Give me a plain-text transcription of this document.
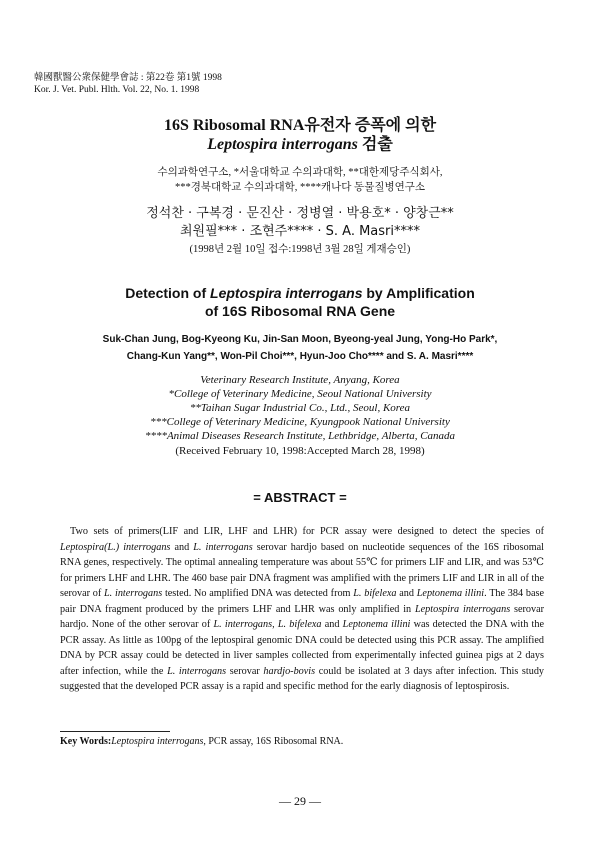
韓國獸醫公衆保健學會誌 : 第22卷 第1號 1998
Kor. J. Vet. Publ. Hlth. Vol. 22, No. 1. 1998
16S Ribosomal RNA유전자 증폭에 의한
Leptospira interrogans 검출
수의과학연구소, *서울대학교 수의과대학, **대한제당주식회사,
***경북대학교 수의과대학, ****캐나다 동물질병연구소
정석찬 · 구복경 · 문진산 · 정병열 · 박용호* · 양창근**
최원필*** · 조현주**** · S. A. Masri****
(1998년 2월 10일 접수:1998년 3월 28일 게재승인)
Detection of Leptospira interrogans by Amplification
of 16S Ribosomal RNA Gene
Suk-Chan Jung, Bog-Kyeong Ku, Jin-San Moon, Byeong-yeal Jung, Yong-Ho Park*,
Chang-Kun Yang**, Won-Pil Choi***, Hyun-Joo Cho**** and S. A. Masri****
Veterinary Research Institute, Anyang, Korea
*College of Veterinary Medicine, Seoul National University
**Taihan Sugar Industrial Co., Ltd., Seoul, Korea
***College of Veterinary Medicine, Kyungpook National University
****Animal Diseases Research Institute, Lethbridge, Alberta, Canada
(Received February 10, 1998:Accepted March 28, 1998)
= ABSTRACT =

Two sets of primers(LIF and LIR, LHF and LHR) for PCR assay were designed to detect the species of Leptospira(L.) interrogans and L. interrogans serovar hardjo based on nucleotide sequences of the 16S ribosomal RNA genes, respectively. The optimal annealing temperature was about 55℃ for primers LIF and LIR, and was 53℃ for primers LHF and LHR. The 460 base pair DNA fragment was amplified with the primers LIF and LIR in all of the serovar of L. interrogans tested. No amplified DNA was detected from L. bifelexa and Leptonema illini. The 384 base pair DNA fragment produced by the primers LHF and LHR was only amplified in Leptospira interrogans serovar hardjo. None of the other serovar of L. interrogans, L. bifelexa and Leptonema illini was detected the DNA with the PCR assay. As little as 100pg of the leptospiral genomic DNA could be detected using this PCR assay. The amplified DNA by PCR assay could be detected in liver samples collected from experimentally infected guinea pigs at 2 days after infection, while the L. interrogans serovar hardjo-bovis could be isolated at 3 days after infection. This study suggested that the developed PCR assay is a rapid and specific method for the early diagnosis of leptospirosis.

Key Words:Leptospira interrogans, PCR assay, 16S Ribosomal RNA.
— 29 —
